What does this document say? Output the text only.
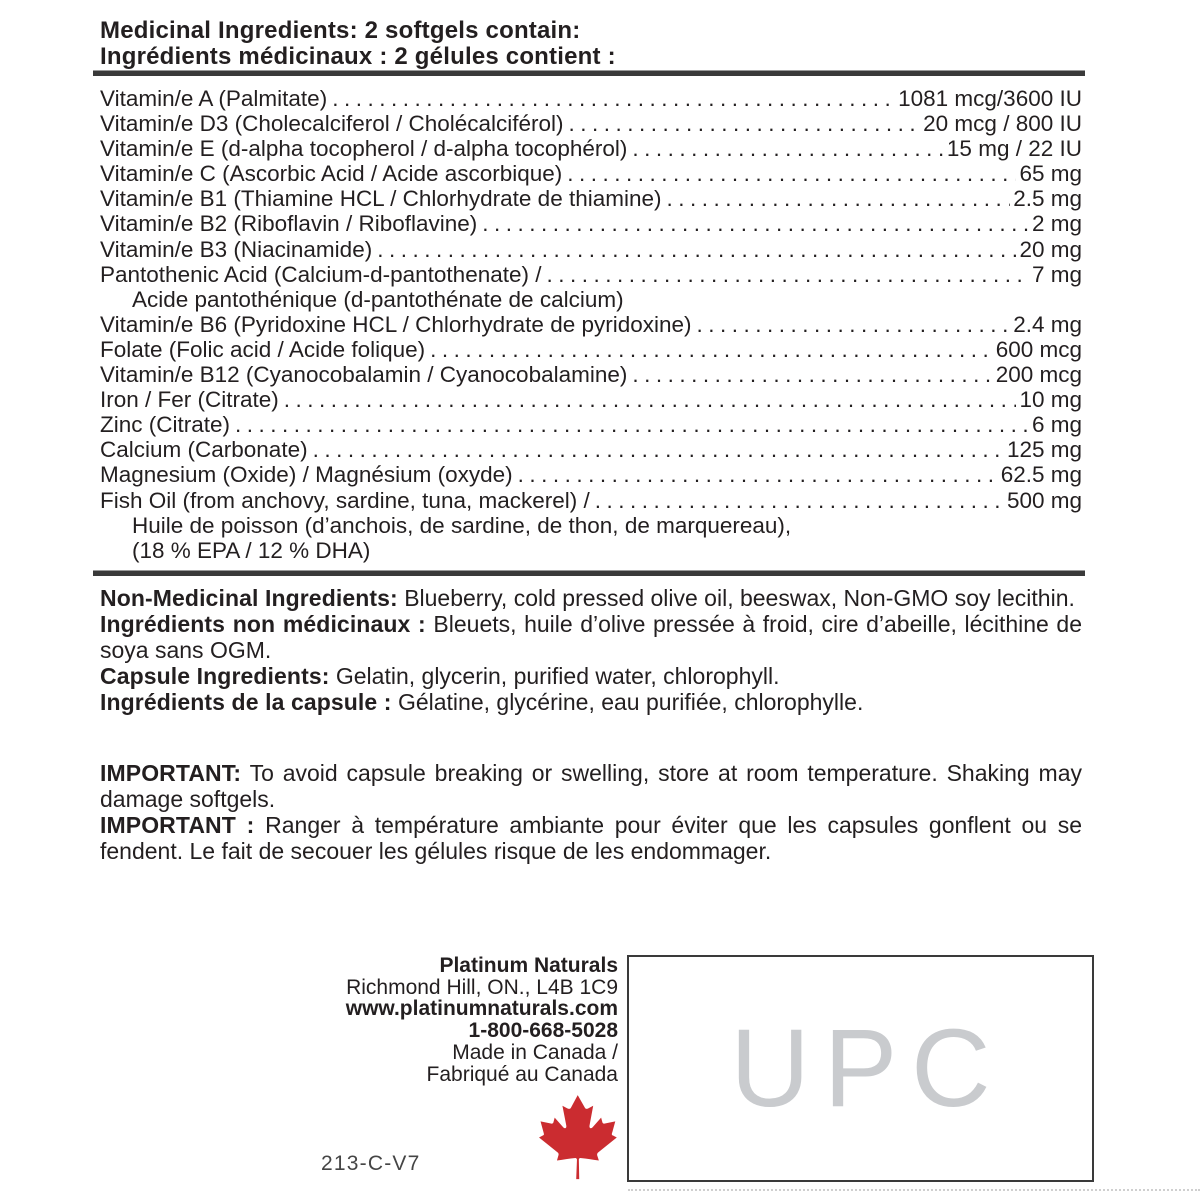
Medicinal Ingredients: 2 softgels contain:
Ingrédients médicinaux : 2 gélules contient :
Vitamin/e A (Palmitate) .....	1081 mcg/3600 IU
Vitamin/e D3 (Cholecalciferol / Cholécalciférol) .....	20 mcg / 800 IU
Vitamin/e E (d-alpha tocopherol / d-alpha tocophérol) .....	15 mg / 22 IU
Vitamin/e C (Ascorbic Acid / Acide ascorbique) .....	65 mg
Vitamin/e B1 (Thiamine HCL / Chlorhydrate de thiamine) .....	2.5 mg
Vitamin/e B2 (Riboflavin / Riboflavine) .....	2 mg
Vitamin/e B3 (Niacinamide) .....	20 mg
Pantothenic Acid (Calcium-d-pantothenate) / .....	7 mg
Acide pantothénique (d-pantothénate de calcium)
Vitamin/e B6 (Pyridoxine HCL / Chlorhydrate de pyridoxine) .....	2.4 mg
Folate (Folic acid / Acide folique) .....	600 mcg
Vitamin/e B12 (Cyanocobalamin / Cyanocobalamine) .....	200 mcg
Iron / Fer (Citrate) .....	10 mg
Zinc (Citrate) .....	6 mg
Calcium (Carbonate) .....	125 mg
Magnesium (Oxide) / Magnésium (oxyde) .....	62.5 mg
Fish Oil (from anchovy, sardine, tuna, mackerel) / .....	500 mg
Huile de poisson (d’anchois, de sardine, de thon, de marquereau),
(18 % EPA / 12 % DHA)

Non-Medicinal Ingredients: Blueberry, cold pressed olive oil, beeswax, Non-GMO soy lecithin.

Ingrédients non médicinaux : Bleuets, huile d’olive pressée à froid, cire d’abeille, lécithine de soya sans OGM.

Capsule Ingredients: Gelatin, glycerin, purified water, chlorophyll.

Ingrédients de la capsule : Gélatine, glycérine, eau purifiée, chlorophylle.

IMPORTANT: To avoid capsule breaking or swelling, store at room temperature. Shaking may damage softgels.

IMPORTANT : Ranger à température ambiante pour éviter que les capsules gonflent ou se fendent. Le fait de secouer les gélules risque de les endommager.

Platinum Naturals
Richmond Hill, ON., L4B 1C9
www.platinumnaturals.com
1-800-668-5028
Made in Canada /
Fabriqué au Canada
213-C-V7
UPC
